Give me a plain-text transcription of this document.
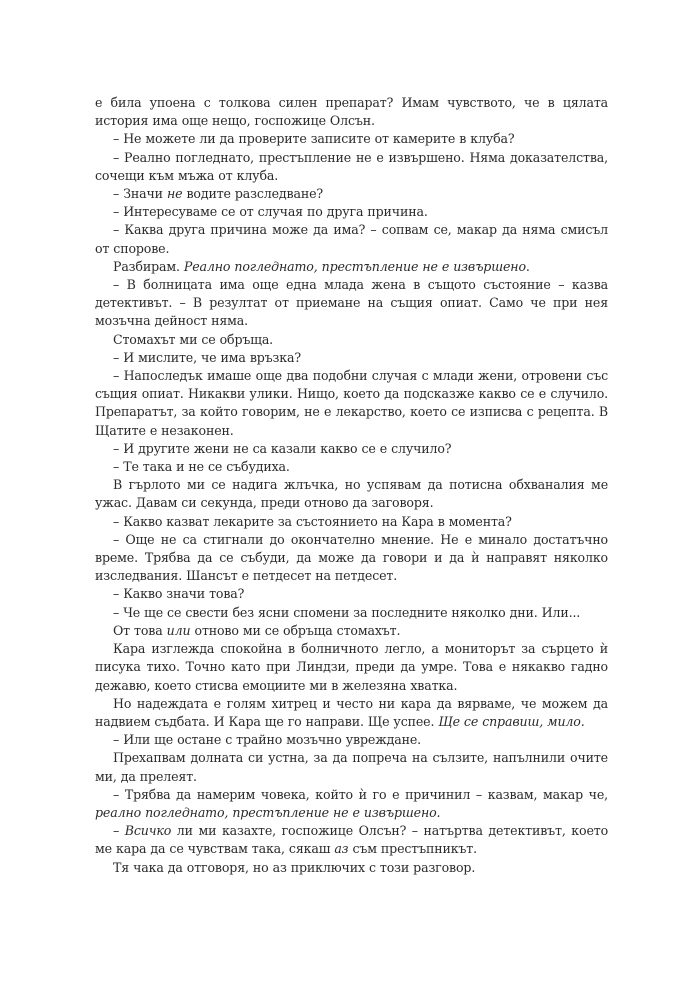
е била упоена с толкова силен препарат? Имам чувството, че в цялата история има още нещо, госпожице Олсън.

– Не можете ли да проверите записите от камерите в клуба?

– Реално погледнато, престъпление не е извършено. Няма доказателства, сочещи към мъжа от клуба.

– Значи не водите разследване?

– Интересуваме се от случая по друга причина.

– Каква друга причина може да има? – сопвам се, макар да няма смисъл от спорове.

Разбирам. Реално погледнато, престъпление не е извършено.

– В болницата има още една млада жена в същото състояние – казва детективът. – В резултат от приемане на същия опиат. Само че при нея мозъчна дейност няма.

Стомахът ми се обръща.

– И мислите, че има връзка?

– Напоследък имаше още два подобни случая с млади жени, отровени със същия опиат. Никакви улики. Нищо, което да подсказже какво се е случило. Препаратът, за който говорим, не е лекарство, което се изписва с рецепта. В Щатите е незаконен.

– И другите жени не са казали какво се е случило?

– Те така и не се събудиха.

В гърлото ми се надига жлъчка, но успявам да потисна обхваналия ме ужас. Давам си секунда, преди отново да заговоря.

– Какво казват лекарите за състоянието на Кара в момента?

– Още не са стигнали до окончателно мнение. Не е минало достатъчно време. Трябва да се събуди, да може да говори и да ѝ направят няколко изследвания. Шансът е петдесет на петдесет.

– Какво значи това?

– Че ще се свести без ясни спомени за последните няколко дни. Или...

От това или отново ми се обръща стомахът.

Кара изглежда спокойна в болничното легло, а мониторът за сърцето ѝ писука тихо. Точно като при Линдзи, преди да умре. Това е някакво гадно дежавю, което стисва емоциите ми в железяна хватка.

Но надеждата е голям хитрец и често ни кара да вярваме, че можем да надвием съдбата. И Кара ще го направи. Ще успее. Ще се справиш, мило.

– Или ще остане с трайно мозъчно увреждане.

Прехапвам долната си устна, за да попреча на сълзите, напълнили очите ми, да прелеят.

– Трябва да намерим човека, който ѝ го е причинил – казвам, макар че, реално погледнато, престъпление не е извършено.

– Всичко ли ми казахте, госпожице Олсън? – натъртва детективът, което ме кара да се чувствам така, сякаш аз съм престъпникът.

Тя чака да отговоря, но аз приключих с този разговор.
